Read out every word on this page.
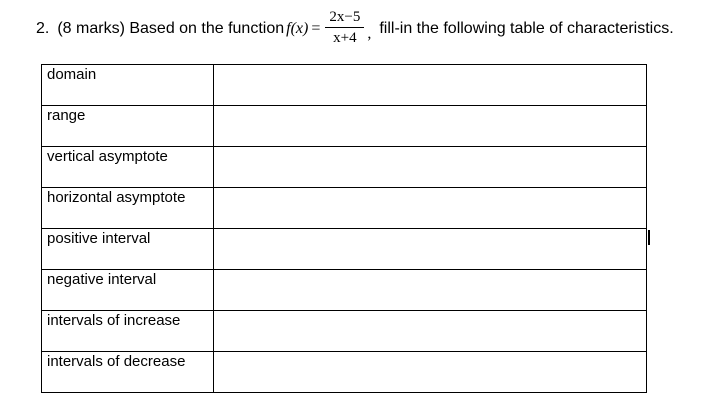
2. (8 marks) Based on the function $f(x) = \frac{2x-5}{x+4}$ , fill-in the following table of characteristics.
domain	
range	
vertical asymptote	
horizontal asymptote	
positive interval	
negative interval	
intervals of increase	
intervals of decrease	
